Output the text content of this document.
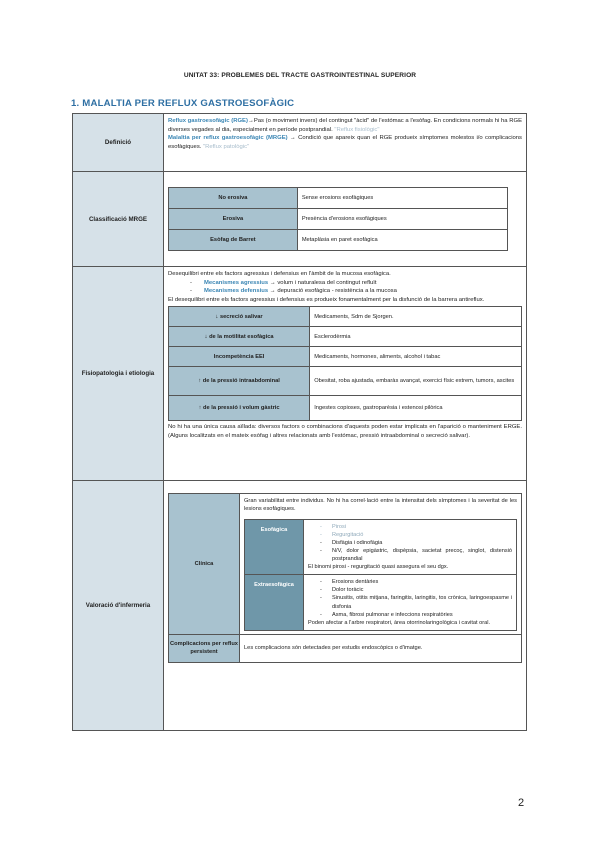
UNITAT 33: PROBLEMES DEL TRACTE GASTROINTESTINAL SUPERIOR
1. MALALTIA PER REFLUX GASTROESOFÀGIC
Definició	Reflux gastroesofàgic (RGE)→Pas (o moviment invers) del contingut "àcid" de l'estómac a l'esòfag. En condicions normals hi ha RGE diverses vegades al dia, especialment en període postprandial. "Reflux fisiològic"
Malaltia per reflux gastroesofàgic (MRGE) → Condició que apareix quan el RGE produeix símptomes molestos i/o complicacions esofàgiques. "Reflux patològic"
Classificació MRGE	
No erosiva	Sense erosions esofàgiques
Erosiva	Presència d'erosions esofàgiques
Esòfag de Barret	Metaplàsia en paret esofàgica

Fisiopatologia i etiologia	
Desequilibri entre els factors agressius i defensius en l'àmbit de la mucosa esofàgica.
- Mecanismes agressius → volum i naturalesa del contingut refluït
- Mecanismes defensius → depuració esofàgica - resistència a la mucosa
El desequilibri entre els factors agressius i defensius es produeix fonamentalment per la disfunció de la barrera antireflux.
↓ secreció salivar	Medicaments, Sdm de Sjorgen.
↓ de la motilitat esofàgica	Esclerodèrmia
Incompetència EEI	Medicaments, hormones, aliments, alcohol i tabac
↑ de la pressió intraabdominal	Obesitat, roba ajustada, embaràs avançat, exercici físic extrem, tumors, ascites
↑ de la pressió i volum gàstric	Ingestes copioses, gastroparèsia i estenosi pilòrica
No hi ha una única causa aïllada: diversos factors o combinacions d'aquests poden estar implicats en l'aparició o manteniment ERGE. (Alguns localitzats en el mateix esòfag i altres relacionats amb l'estómac, pressió intraabdominal o secreció salivar).

Valoració d'infermeria	
Clínica	
Gran variabilitat entre individus. No hi ha correl·lació entre la intensitat dels símptomes i la severitat de les lesions esofàgiques.
Esofàgica	
-Pirosi
- Regurgitació
- Disfàgia i odinofàgia
- N/V, dolor epigàstric, dispèpsia, sacietat precoç, singlot, distensió postprandial
El binomi pirosi - regurgitació quasi assegura el seu dgx.

Extraesofàgica	
-Erosions dentàries
- Dolor toràcic
- Sinusitis, otitis mitjana, faringitis, laringitis, tos crònica, laringoespasme i disfonia
- Asma, fibrosi pulmonar e infeccions respiratòries
Poden afectar a l'arbre respiratori, àrea otorrinolaringològica i cavitat oral.

Complicacions per reflux persistent	Les complicacions són detectades per estudis endoscòpics o d'imatge.
2
